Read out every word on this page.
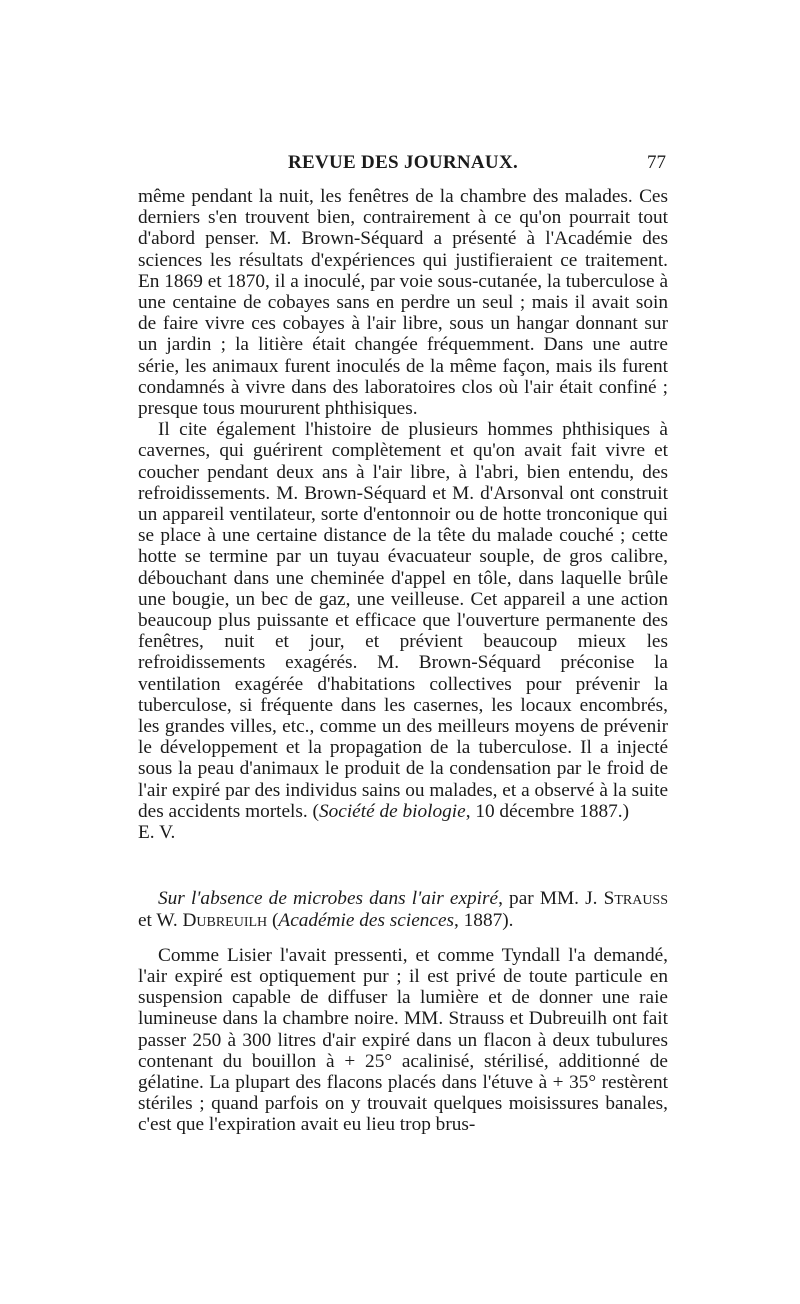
REVUE DES JOURNAUX.	77

même pendant la nuit, les fenêtres de la chambre des malades. Ces derniers s'en trouvent bien, contrairement à ce qu'on pourrait tout d'abord penser. M. Brown-Séquard a présenté à l'Académie des sciences les résultats d'expériences qui justifieraient ce traitement. En 1869 et 1870, il a inoculé, par voie sous-cutanée, la tuberculose à une centaine de cobayes sans en perdre un seul ; mais il avait soin de faire vivre ces cobayes à l'air libre, sous un hangar donnant sur un jardin ; la litière était changée fréquemment. Dans une autre série, les animaux furent inoculés de la même façon, mais ils furent condamnés à vivre dans des laboratoires clos où l'air était confiné ; presque tous moururent phthisiques.

Il cite également l'histoire de plusieurs hommes phthisiques à cavernes, qui guérirent complètement et qu'on avait fait vivre et coucher pendant deux ans à l'air libre, à l'abri, bien entendu, des refroidissements. M. Brown-Séquard et M. d'Arsonval ont construit un appareil ventilateur, sorte d'entonnoir ou de hotte tronconique qui se place à une certaine distance de la tête du malade couché ; cette hotte se termine par un tuyau évacuateur souple, de gros calibre, débouchant dans une cheminée d'appel en tôle, dans laquelle brûle une bougie, un bec de gaz, une veilleuse. Cet appareil a une action beaucoup plus puissante et efficace que l'ouverture permanente des fenêtres, nuit et jour, et prévient beaucoup mieux les refroidissements exagérés. M. Brown-Séquard préconise la ventilation exagérée d'habitations collectives pour prévenir la tuberculose, si fréquente dans les casernes, les locaux encombrés, les grandes villes, etc., comme un des meilleurs moyens de prévenir le développement et la propagation de la tuberculose. Il a injecté sous la peau d'animaux le produit de la condensation par le froid de l'air expiré par des individus sains ou malades, et a observé à la suite des accidents mortels. (Société de biologie, 10 décembre 1887.)

E. V.

Sur l'absence de microbes dans l'air expiré, par MM. J. Strauss et W. Dubreuilh (Académie des sciences, 1887).

Comme Lisier l'avait pressenti, et comme Tyndall l'a demandé, l'air expiré est optiquement pur ; il est privé de toute particule en suspension capable de diffuser la lumière et de donner une raie lumineuse dans la chambre noire. MM. Strauss et Dubreuilh ont fait passer 250 à 300 litres d'air expiré dans un flacon à deux tubulures contenant du bouillon à + 25° acalinisé, stérilisé, additionné de gélatine. La plupart des flacons placés dans l'étuve à + 35° restèrent stériles ; quand parfois on y trouvait quelques moisissures banales, c'est que l'expiration avait eu lieu trop brus-
